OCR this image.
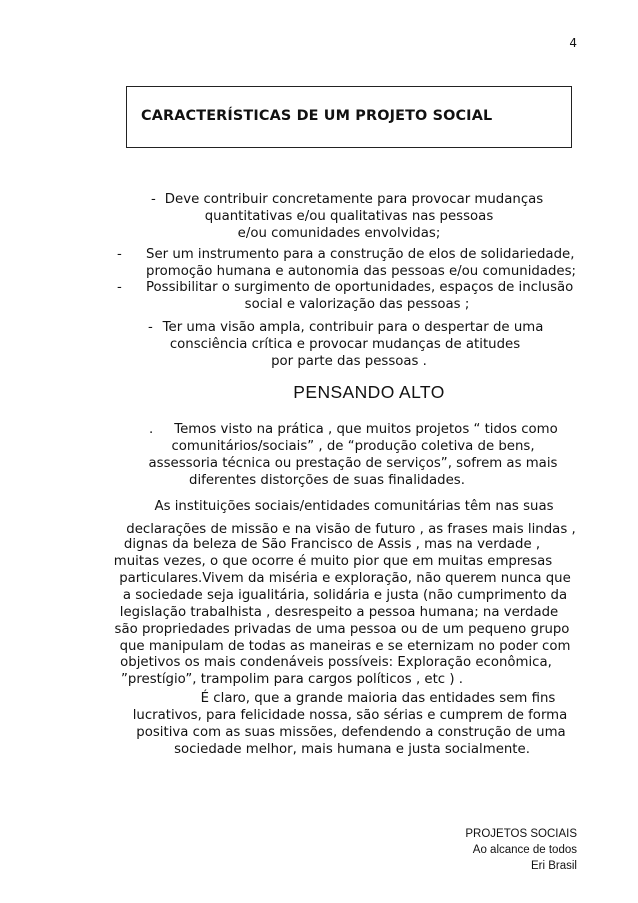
4
CARACTERÍSTICAS DE UM PROJETO SOCIAL
- Deve contribuir concretamente para provocar mudanças
quantitativas e/ou qualitativas nas pessoas
e/ou comunidades envolvidas;
- Ser um instrumento para a construção de elos de solidariedade,
promoção humana e autonomia das pessoas e/ou comunidades;
- Possibilitar o surgimento de oportunidades, espaços de inclusão
social e valorização das pessoas ;
- Ter uma visão ampla, contribuir para o despertar de uma
consciência crítica e provocar mudanças de atitudes
por parte das pessoas .
PENSANDO ALTO
. Temos visto na prática , que muitos projetos “ tidos como
comunitários/sociais” , de “produção coletiva de bens,
assessoria técnica ou prestação de serviços”, sofrem as mais
diferentes distorções de suas finalidades.
As instituições sociais/entidades comunitárias têm nas suas
declarações de missão e na visão de futuro , as frases mais lindas ,
dignas da beleza de São Francisco de Assis , mas na verdade ,
muitas vezes, o que ocorre é muito pior que em muitas empresas
particulares.Vivem da miséria e exploração, não querem nunca que
a sociedade seja igualitária, solidária e justa (não cumprimento da
legislação trabalhista , desrespeito a pessoa humana; na verdade
são propriedades privadas de uma pessoa ou de um pequeno grupo
que manipulam de todas as maneiras e se eternizam no poder com
objetivos os mais condenáveis possíveis: Exploração econômica,
”prestígio”, trampolim para cargos políticos , etc ) .
É claro, que a grande maioria das entidades sem fins
lucrativos, para felicidade nossa, são sérias e cumprem de forma
positiva com as suas missões, defendendo a construção de uma
sociedade melhor, mais humana e justa socialmente.
PROJETOS SOCIAIS
Ao alcance de todos
Eri Brasil
